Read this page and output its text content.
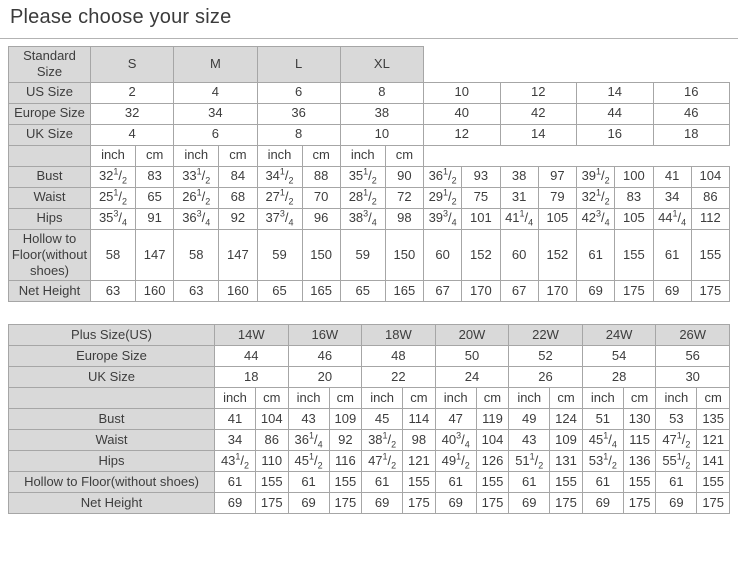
Please choose your size
Standard Size	S		M		L		XL									
US Size	2		4		6		8		10		12		14		16	
Europe Size	32		34		36		38		40		42		44		46	
UK Size	4		6		8		10		12		14		16		18	
	inch	cm	inch	cm	inch	cm	inch	cm								
Bust	$32^1/_2$	83	$33^1/_2$	84	$34^1/_2$	88	$35^1/_2$	90	$36^1/_2$	93	38	97	$39^1/_2$	100	41	104
Waist	$25^1/_2$	65	$26^1/_2$	68	$27^1/_2$	70	$28^1/_2$	72	$29^1/_2$	75	31	79	$32^1/_2$	83	34	86
Hips	$35^3/_4$	91	$36^3/_4$	92	$37^3/_4$	96	$38^3/_4$	98	$39^3/_4$	101	$41^1/_4$	105	$42^3/_4$	105	$44^1/_4$	112
Hollow to Floor(without shoes)	58	147	58	147	59	150	59	150	60	152	60	152	61	155	61	155
Net Height	63	160	63	160	65	165	65	165	67	170	67	170	69	175	69	175
Plus Size(US)	14W		16W		18W		20W		22W		24W		26W	
Europe Size	44		46		48		50		52		54		56	
UK Size	18		20		22		24		26		28		30	
	inch	cm	inch	cm	inch	cm	inch	cm	inch	cm	inch	cm	inch	cm
Bust	41	104	43	109	45	114	47	119	49	124	51	130	53	135
Waist	34	86	$36^1/_4$	92	$38^1/_2$	98	$40^3/_4$	104	43	109	$45^1/_4$	115	$47^1/_2$	121
Hips	$43^1/_2$	110	$45^1/_2$	116	$47^1/_2$	121	$49^1/_2$	126	$51^1/_2$	131	$53^1/_2$	136	$55^1/_2$	141
Hollow to Floor(without shoes)	61	155	61	155	61	155	61	155	61	155	61	155	61	155
Net Height	69	175	69	175	69	175	69	175	69	175	69	175	69	175
